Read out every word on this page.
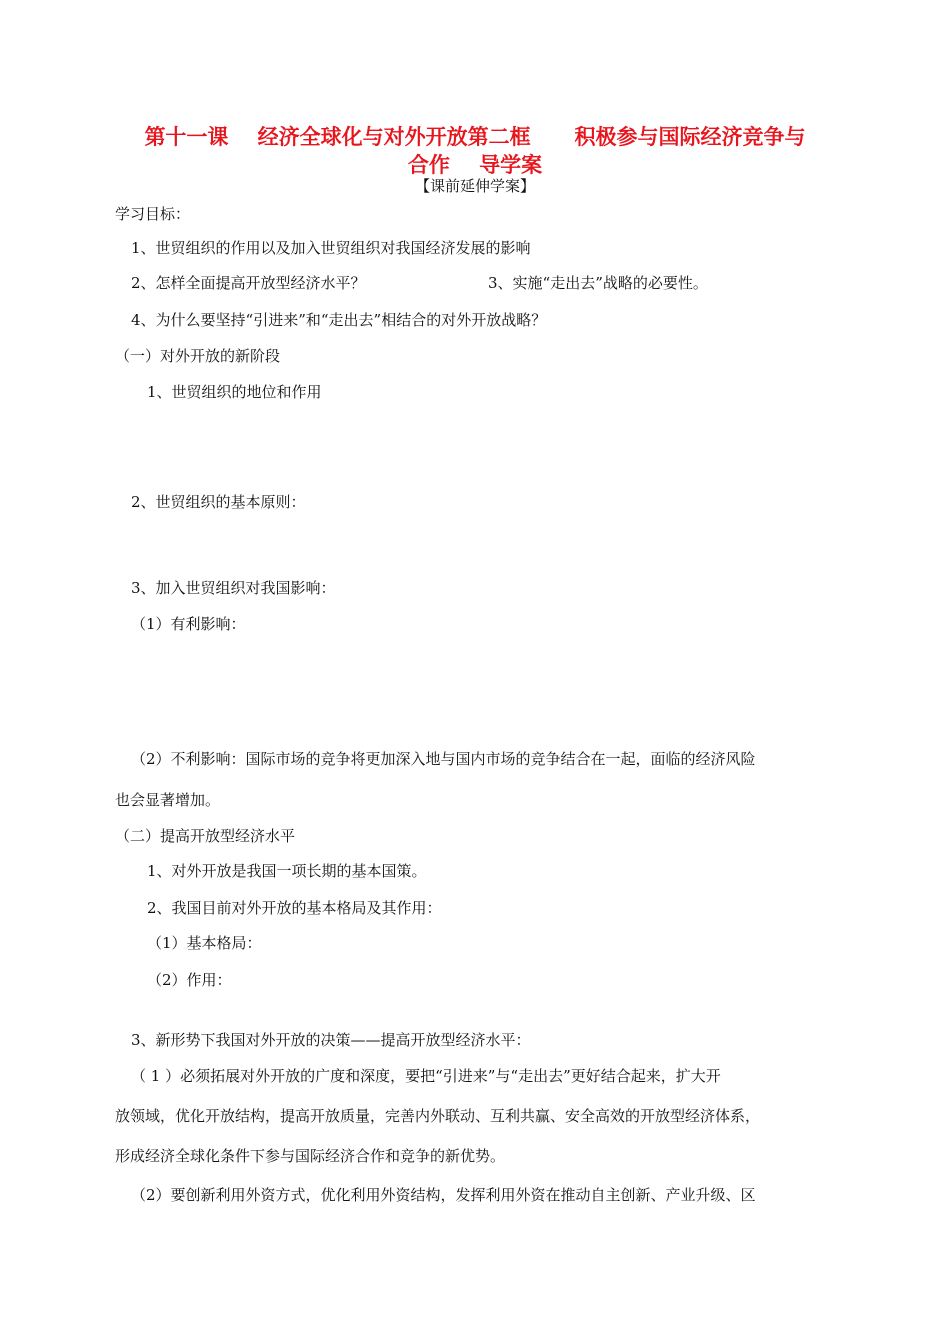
第十一课    经济全球化与对外开放第二框      积极参与国际经济竞争与
合作    导学案
【课前延伸学案】
学习目标：
1、世贸组织的作用以及加入世贸组织对我国经济发展的影响
2、怎样全面提高开放型经济水平？	3、实施“走出去”战略的必要性。
4、为什么要坚持“引进来”和“走出去”相结合的对外开放战略？
（一）对外开放的新阶段
1、世贸组织的地位和作用
2、世贸组织的基本原则：
3、加入世贸组织对我国影响：
（1）有利影响：
（2）不利影响：国际市场的竞争将更加深入地与国内市场的竞争结合在一起，面临的经济风险
也会显著增加。
（二）提高开放型经济水平
1、对外开放是我国一项长期的基本国策。
2、我国目前对外开放的基本格局及其作用：
（1）基本格局：
（2）作用：
3、新形势下我国对外开放的决策——提高开放型经济水平：
（ 1 ）必须拓展对外开放的广度和深度，要把“引进来”与“走出去”更好结合起来，扩大开
放领域，优化开放结构，提高开放质量，完善内外联动、互利共赢、安全高效的开放型经济体系，
形成经济全球化条件下参与国际经济合作和竞争的新优势。
（2）要创新利用外资方式，优化利用外资结构，发挥利用外资在推动自主创新、产业升级、区
